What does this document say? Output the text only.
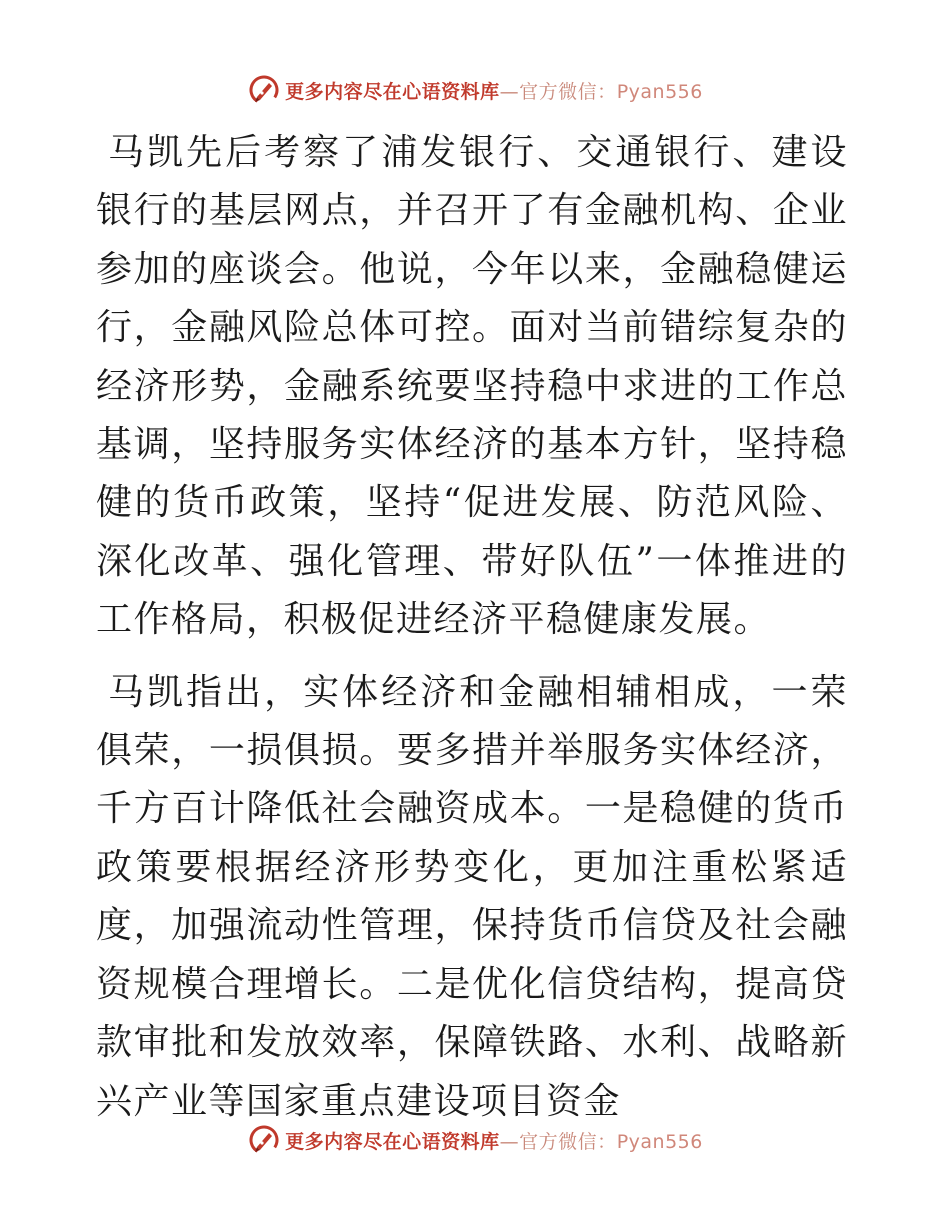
更多内容尽在心语资料库—官方微信：Pyan556

马凯先后考察了浦发银行、交通银行、建设银行的基层网点，并召开了有金融机构、企业参加的座谈会。他说，今年以来，金融稳健运行，金融风险总体可控。面对当前错综复杂的经济形势，金融系统要坚持稳中求进的工作总基调，坚持服务实体经济的基本方针，坚持稳健的货币政策，坚持“促进发展、防范风险、深化改革、强化管理、带好队伍”一体推进的工作格局，积极促进经济平稳健康发展。

马凯指出，实体经济和金融相辅相成，一荣俱荣，一损俱损。要多措并举服务实体经济，千方百计降低社会融资成本。一是稳健的货币政策要根据经济形势变化，更加注重松紧适度，加强流动性管理，保持货币信贷及社会融资规模合理增长。二是优化信贷结构，提高贷款审批和发放效率，保障铁路、水利、战略新兴产业等国家重点建设项目资金

更多内容尽在心语资料库—官方微信：Pyan556
